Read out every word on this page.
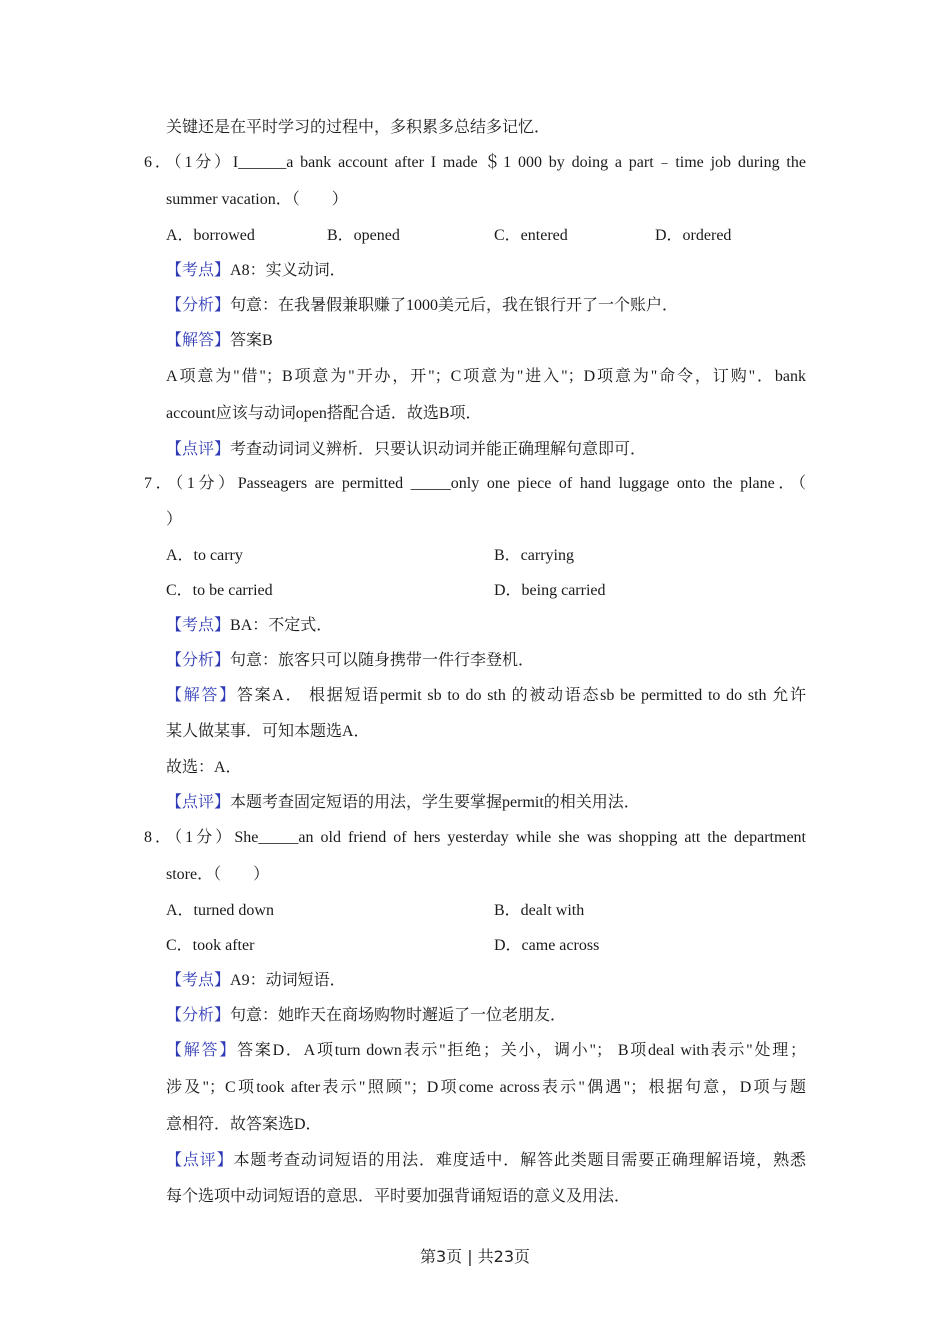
关键还是在平时学习的过程中，多积累多总结多记忆．
6．（1分）I______a bank account after I made ＄1 000 by doing a part﹣time job during the
summer vacation．（　　）
A．borrowed	B．opened	C．entered	D．ordered
【考点】A8：实义动词．
【分析】句意：在我暑假兼职赚了1000美元后，我在银行开了一个账户．
【解答】答案B
A项意为"借"；B项意为"开办，开"；C项意为"进入"；D项意为"命令，订购"．bank
account应该与动词open搭配合适．故选B项．
【点评】考查动词词义辨析．只要认识动词并能正确理解句意即可．
7．（1分）Passeagers are permitted _____only one piece of hand luggage onto the plane．（
）
A．to carry	B．carrying
C．to be carried	D．being carried
【考点】BA：不定式．
【分析】句意：旅客只可以随身携带一件行李登机．
【解答】答案A． 根据短语permit sb to do sth 的被动语态sb be permitted to do sth 允许
某人做某事．可知本题选A．
故选：A．
【点评】本题考查固定短语的用法，学生要掌握permit的相关用法．
8．（1分）She_____an old friend of hers yesterday while she was shopping att the department
store．（　　）
A．turned down	B．dealt with
C．took after	D．came across
【考点】A9：动词短语．
【分析】句意：她昨天在商场购物时邂逅了一位老朋友．
【解答】答案D．A项turn down表示"拒绝；关小，调小"； B项deal with表示"处理；
涉及"；C项took after表示"照顾"；D项come across表示"偶遇"；根据句意，D项与题
意相符．故答案选D．
【点评】本题考查动词短语的用法．难度适中．解答此类题目需要正确理解语境，熟悉
每个选项中动词短语的意思．平时要加强背诵短语的意义及用法．
第3页 | 共23页
